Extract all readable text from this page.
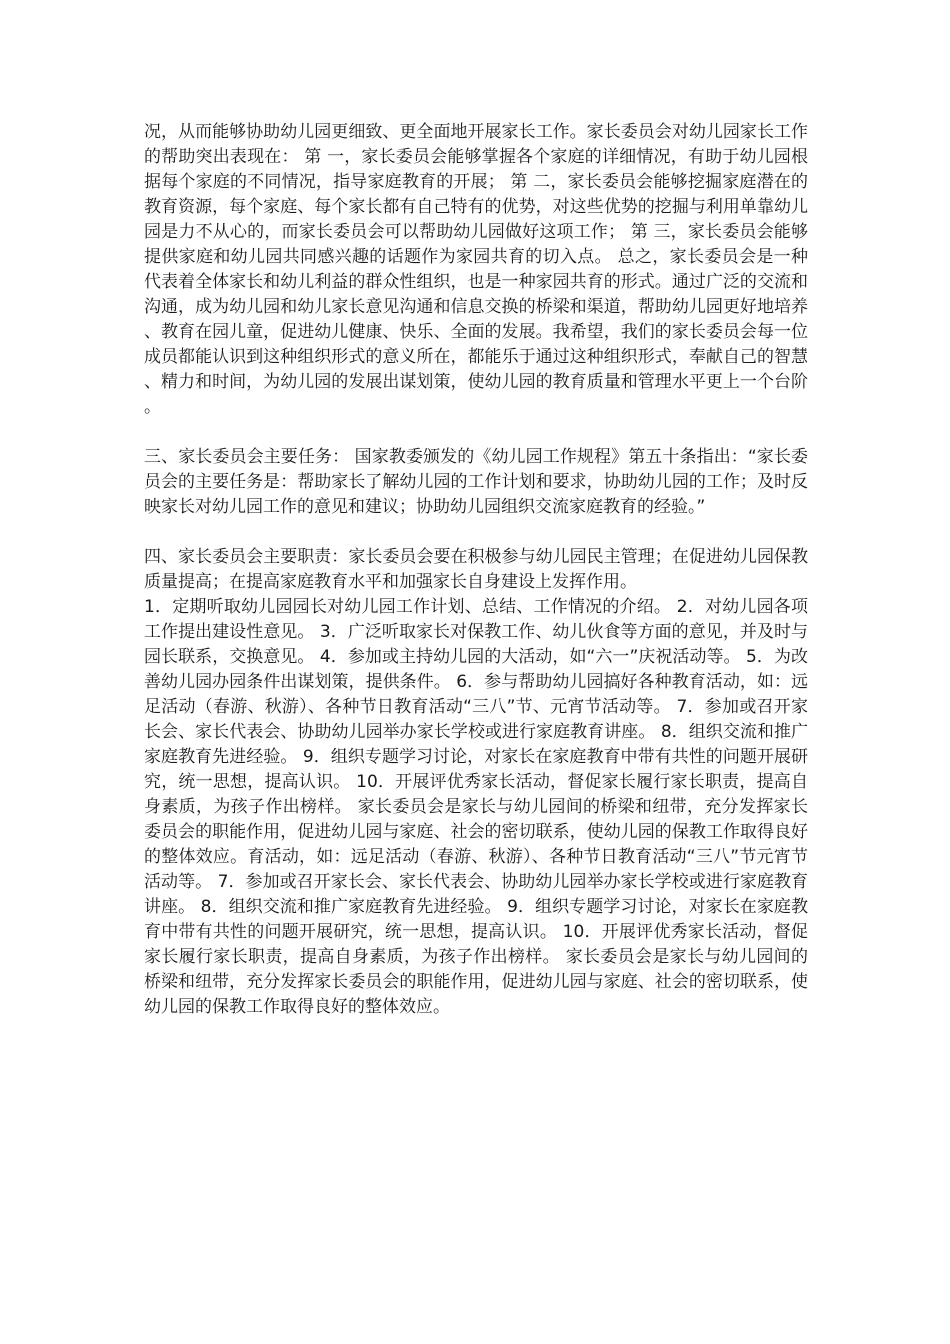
况，从而能够协助幼儿园更细致、更全面地开展家长工作。家长委员会对幼儿园家长工作的帮助突出表现在： 第 一，家长委员会能够掌握各个家庭的详细情况，有助于幼儿园根据每个家庭的不同情况，指导家庭教育的开展； 第 二，家长委员会能够挖掘家庭潜在的教育资源，每个家庭、每个家长都有自己特有的优势，对这些优势的挖掘与利用单靠幼儿园是力不从心的，而家长委员会可以帮助幼儿园做好这项工作； 第 三，家长委员会能够提供家庭和幼儿园共同感兴趣的话题作为家园共育的切入点。 总之，家长委员会是一种代表着全体家长和幼儿利益的群众性组织，也是一种家园共育的形式。通过广泛的交流和沟通，成为幼儿园和幼儿家长意见沟通和信息交换的桥梁和渠道，帮助幼儿园更好地培养、教育在园儿童，促进幼儿健康、快乐、全面的发展。我希望，我们的家长委员会每一位成员都能认识到这种组织形式的意义所在，都能乐于通过这种组织形式，奉献自己的智慧、精力和时间，为幼儿园的发展出谋划策，使幼儿园的教育质量和管理水平更上一个台阶。

三、家长委员会主要任务： 国家教委颁发的《幼儿园工作规程》第五十条指出：“家长委员会的主要任务是：帮助家长了解幼儿园的工作计划和要求，协助幼儿园的工作；及时反映家长对幼儿园工作的意见和建议；协助幼儿园组织交流家庭教育的经验。”

四、家长委员会主要职责：家长委员会要在积极参与幼儿园民主管理；在促进幼儿园保教质量提高；在提高家庭教育水平和加强家长自身建设上发挥作用。

1．定期听取幼儿园园长对幼儿园工作计划、总结、工作情况的介绍。 2．对幼儿园各项工作提出建设性意见。 3．广泛听取家长对保教工作、幼儿伙食等方面的意见，并及时与园长联系，交换意见。 4．参加或主持幼儿园的大活动，如“六一”庆祝活动等。 5．为改善幼儿园办园条件出谋划策，提供条件。 6．参与帮助幼儿园搞好各种教育活动，如：远足活动（春游、秋游）、各种节日教育活动“三八”节、元宵节活动等。 7．参加或召开家长会、家长代表会、协助幼儿园举办家长学校或进行家庭教育讲座。 8．组织交流和推广家庭教育先进经验。 9．组织专题学习讨论，对家长在家庭教育中带有共性的问题开展研究，统一思想，提高认识。 10．开展评优秀家长活动，督促家长履行家长职责，提高自身素质，为孩子作出榜样。 家长委员会是家长与幼儿园间的桥梁和纽带，充分发挥家长委员会的职能作用，促进幼儿园与家庭、社会的密切联系，使幼儿园的保教工作取得良好的整体效应。育活动，如：远足活动（春游、秋游）、各种节日教育活动“三八”节元宵节活动等。 7．参加或召开家长会、家长代表会、协助幼儿园举办家长学校或进行家庭教育讲座。 8．组织交流和推广家庭教育先进经验。 9．组织专题学习讨论，对家长在家庭教育中带有共性的问题开展研究，统一思想，提高认识。 10．开展评优秀家长活动，督促家长履行家长职责，提高自身素质，为孩子作出榜样。 家长委员会是家长与幼儿园间的桥梁和纽带，充分发挥家长委员会的职能作用，促进幼儿园与家庭、社会的密切联系，使幼儿园的保教工作取得良好的整体效应。
